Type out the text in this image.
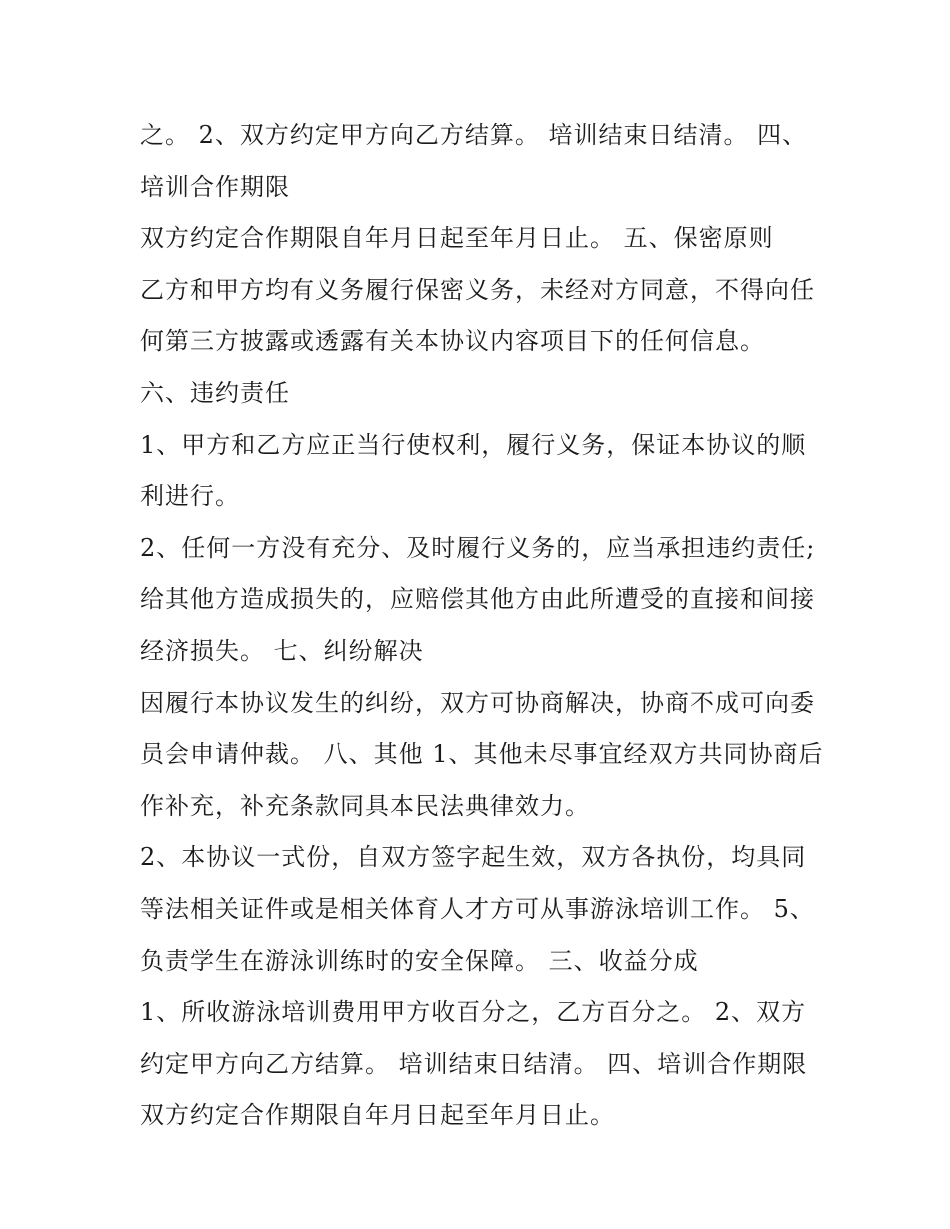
之。 2、双方约定甲方向乙方结算。 培训结束日结清。 四、
培训合作期限
双方约定合作期限自年月日起至年月日止。 五、保密原则
乙方和甲方均有义务履行保密义务，未经对方同意，不得向任
何第三方披露或透露有关本协议内容项目下的任何信息。
六、违约责任
1、甲方和乙方应正当行使权利，履行义务，保证本协议的顺
利进行。
2、任何一方没有充分、及时履行义务的，应当承担违约责任;
给其他方造成损失的，应赔偿其他方由此所遭受的直接和间接
经济损失。 七、纠纷解决
因履行本协议发生的纠纷，双方可协商解决，协商不成可向委
员会申请仲裁。 八、其他 1、其他未尽事宜经双方共同协商后
作补充，补充条款同具本民法典律效力。
2、本协议一式份，自双方签字起生效，双方各执份，均具同
等法相关证件或是相关体育人才方可从事游泳培训工作。 5、
负责学生在游泳训练时的安全保障。 三、收益分成
1、所收游泳培训费用甲方收百分之，乙方百分之。 2、双方
约定甲方向乙方结算。 培训结束日结清。 四、培训合作期限
双方约定合作期限自年月日起至年月日止。
